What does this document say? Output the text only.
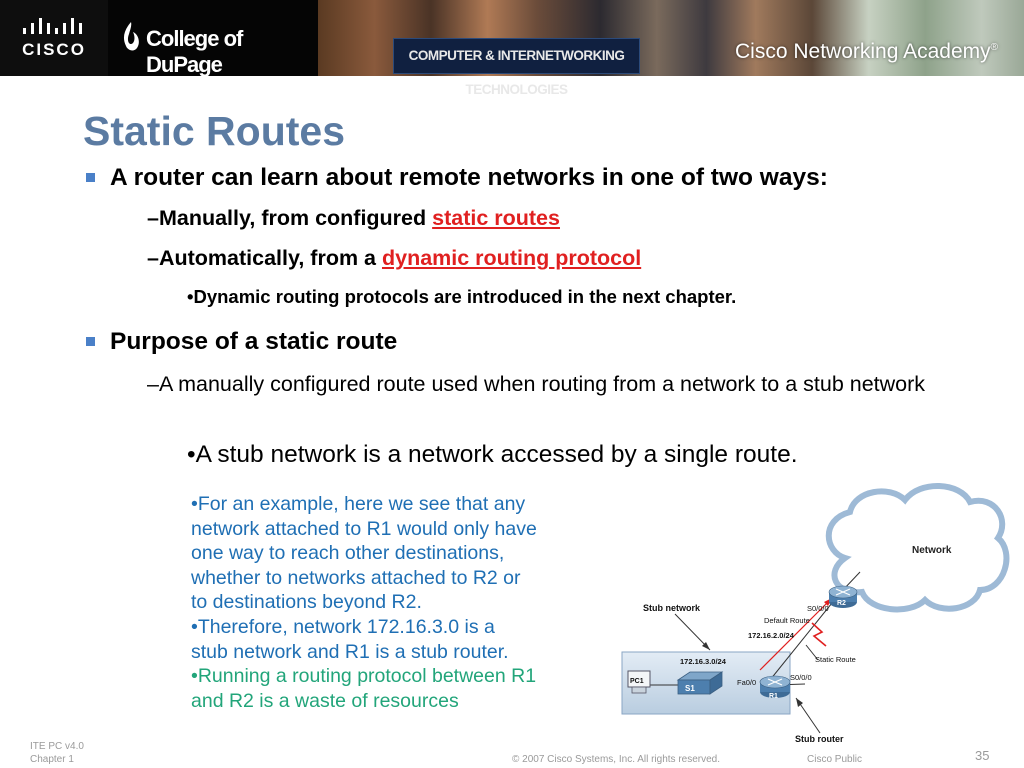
CISCO	College of DuPage	COMPUTER & INTERNETWORKING TECHNOLOGIES
Cisco Networking Academy®
Static Routes
A router can learn about remote networks in one of two ways:
–Manually, from configured static routes
–Automatically, from a dynamic routing protocol
•Dynamic routing protocols are introduced in the next chapter.
Purpose of a static route
–A manually configured route used when routing from a network to a stub network
•A stub network is a network accessed by a single route.
•For an example, here we see that any
network attached to R1 would only have
one way to reach other destinations,
whether to networks attached to R2 or
to destinations beyond R2.
•Therefore, network 172.16.3.0 is a
stub network and R1 is a stub router.
•Running a routing protocol between R1
and R2 is a waste of resources
Network
PC1
S1
R1
R2
Stub network
Default Route
S0/0/0
172.16.2.0/24
Static Route
S0/0/0
172.16.3.0/24
Fa0/0
Stub router
ITE PC v4.0
Chapter 1	© 2007 Cisco Systems, Inc. All rights reserved.	Cisco Public	35
